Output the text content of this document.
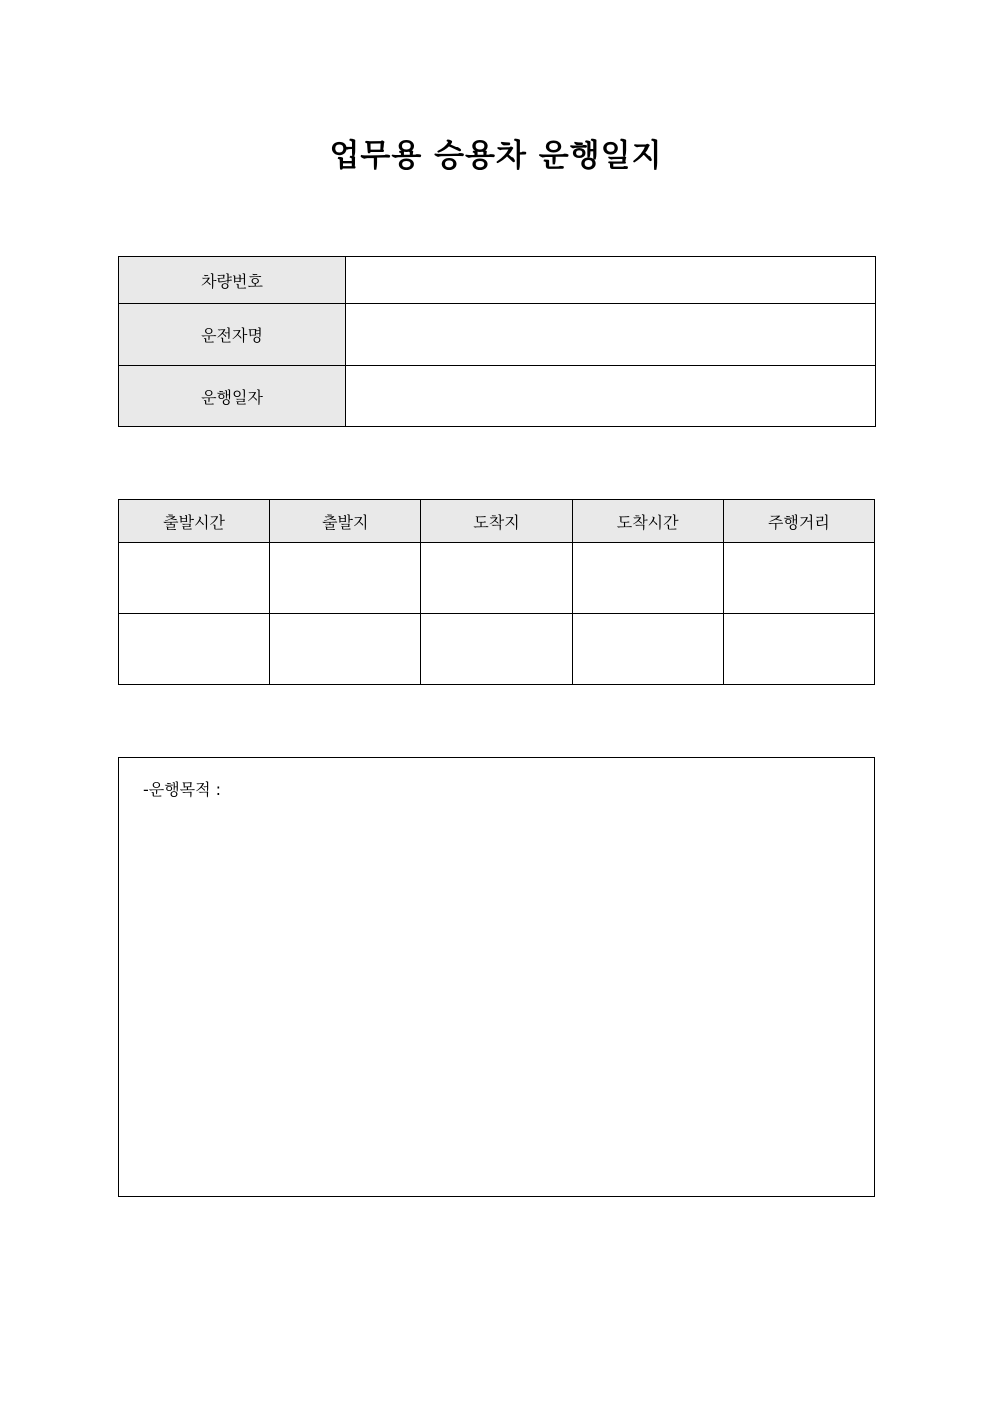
업무용 승용차 운행일지
차량번호	
운전자명	
운행일자	
출발시간	출발지	도착지	도착시간	주행거리

-운행목적 :
